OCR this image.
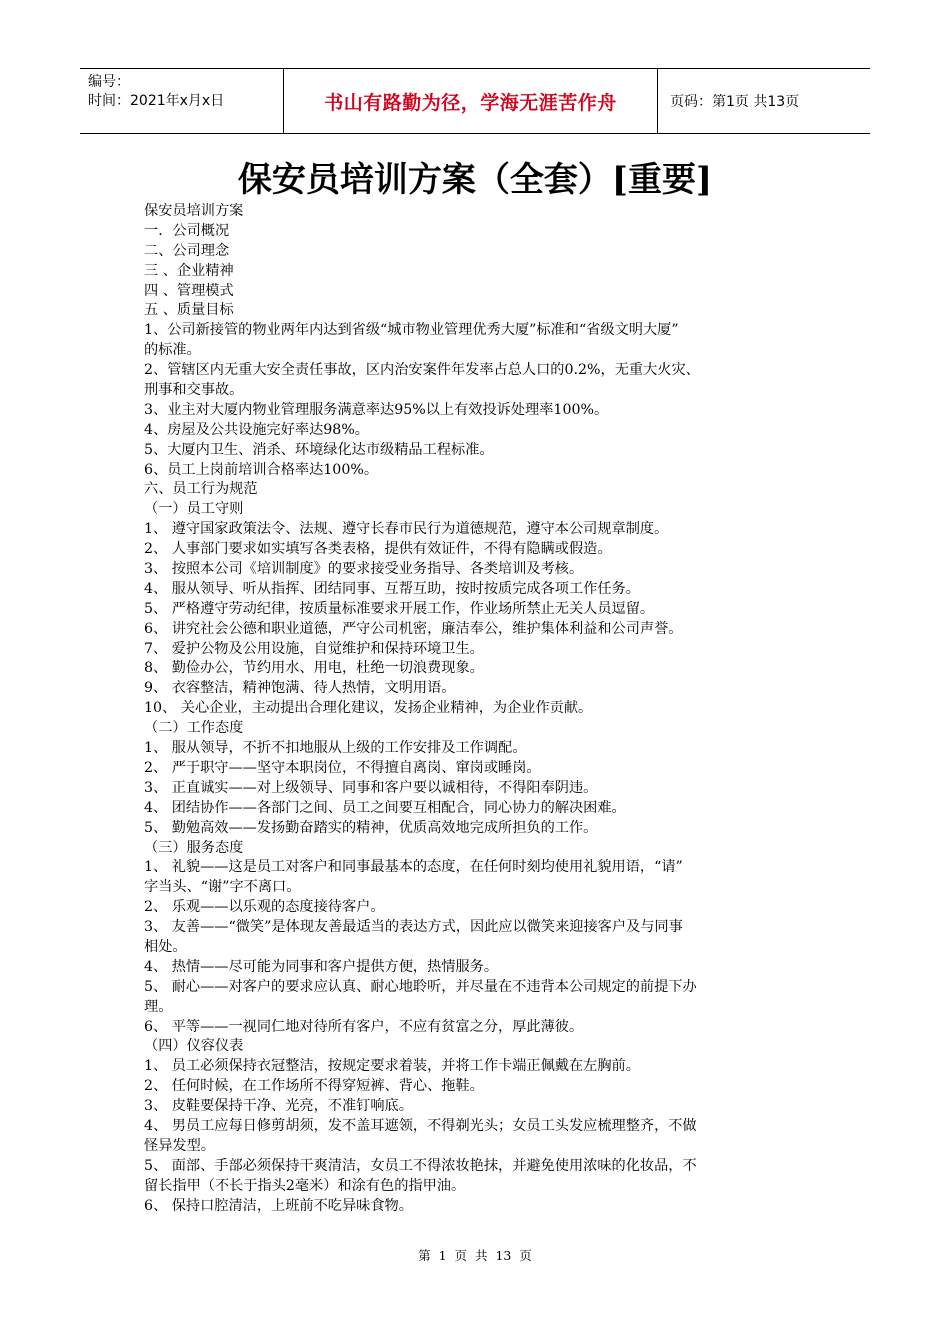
编号：
时间：2021年x月x日	书山有路勤为径，学海无涯苦作舟	页码：第1页 共13页
保安员培训方案（全套）[重要]
保安员培训方案
一．公司概况
二、公司理念
三 、企业精神
四 、管理模式
五 、质量目标
1、公司新接管的物业两年内达到省级“城市物业管理优秀大厦”标准和“省级文明大厦”
的标准。
2、管辖区内无重大安全责任事故，区内治安案件年发率占总人口的0.2%，无重大火灾、
刑事和交事故。
3、业主对大厦内物业管理服务满意率达95%以上有效投诉处理率100%。
4、房屋及公共设施完好率达98%。
5、大厦内卫生、消杀、环境绿化达市级精品工程标准。
6、员工上岗前培训合格率达100%。
六、员工行为规范
（一）员工守则
1、 遵守国家政策法令、法规、遵守长春市民行为道德规范，遵守本公司规章制度。
2、 人事部门要求如实填写各类表格，提供有效证件，不得有隐瞒或假造。
3、 按照本公司《培训制度》的要求接受业务指导、各类培训及考核。
4、 服从领导、听从指挥、团结同事、互帮互助，按时按质完成各项工作任务。
5、 严格遵守劳动纪律，按质量标准要求开展工作，作业场所禁止无关人员逗留。
6、 讲究社会公德和职业道德，严守公司机密，廉洁奉公，维护集体利益和公司声誉。
7、 爱护公物及公用设施，自觉维护和保持环境卫生。
8、 勤俭办公，节约用水、用电，杜绝一切浪费现象。
9、 衣容整洁，精神饱满、待人热情，文明用语。
10、 关心企业，主动提出合理化建议，发扬企业精神，为企业作贡献。
（二）工作态度
1、 服从领导，不折不扣地服从上级的工作安排及工作调配。
2、 严于职守——坚守本职岗位，不得擅自离岗、窜岗或睡岗。
3、 正直诚实——对上级领导、同事和客户要以诚相待，不得阳奉阴违。
4、 团结协作——各部门之间、员工之间要互相配合，同心协力的解决困难。
5、 勤勉高效——发扬勤奋踏实的精神，优质高效地完成所担负的工作。
（三）服务态度
1、 礼貌——这是员工对客户和同事最基本的态度，在任何时刻均使用礼貌用语，“请”
字当头、“谢”字不离口。
2、 乐观——以乐观的态度接待客户。
3、 友善——“微笑”是体现友善最适当的表达方式，因此应以微笑来迎接客户及与同事
相处。
4、 热情——尽可能为同事和客户提供方便，热情服务。
5、 耐心——对客户的要求应认真、耐心地聆听，并尽量在不违背本公司规定的前提下办
理。
6、 平等——一视同仁地对待所有客户，不应有贫富之分，厚此薄彼。
（四）仪容仪表
1、 员工必须保持衣冠整洁，按规定要求着装，并将工作卡端正佩戴在左胸前。
2、 任何时候，在工作场所不得穿短裤、背心、拖鞋。
3、 皮鞋要保持干净、光亮，不准钉响底。
4、 男员工应每日修剪胡须，发不盖耳遮领，不得剃光头；女员工头发应梳理整齐，不做
怪异发型。
5、 面部、手部必须保持干爽清洁，女员工不得浓妆艳抹，并避免使用浓味的化妆品，不
留长指甲（不长于指头2毫米）和涂有色的指甲油。
6、 保持口腔清洁，上班前不吃异味食物。
第 1 页 共 13 页
